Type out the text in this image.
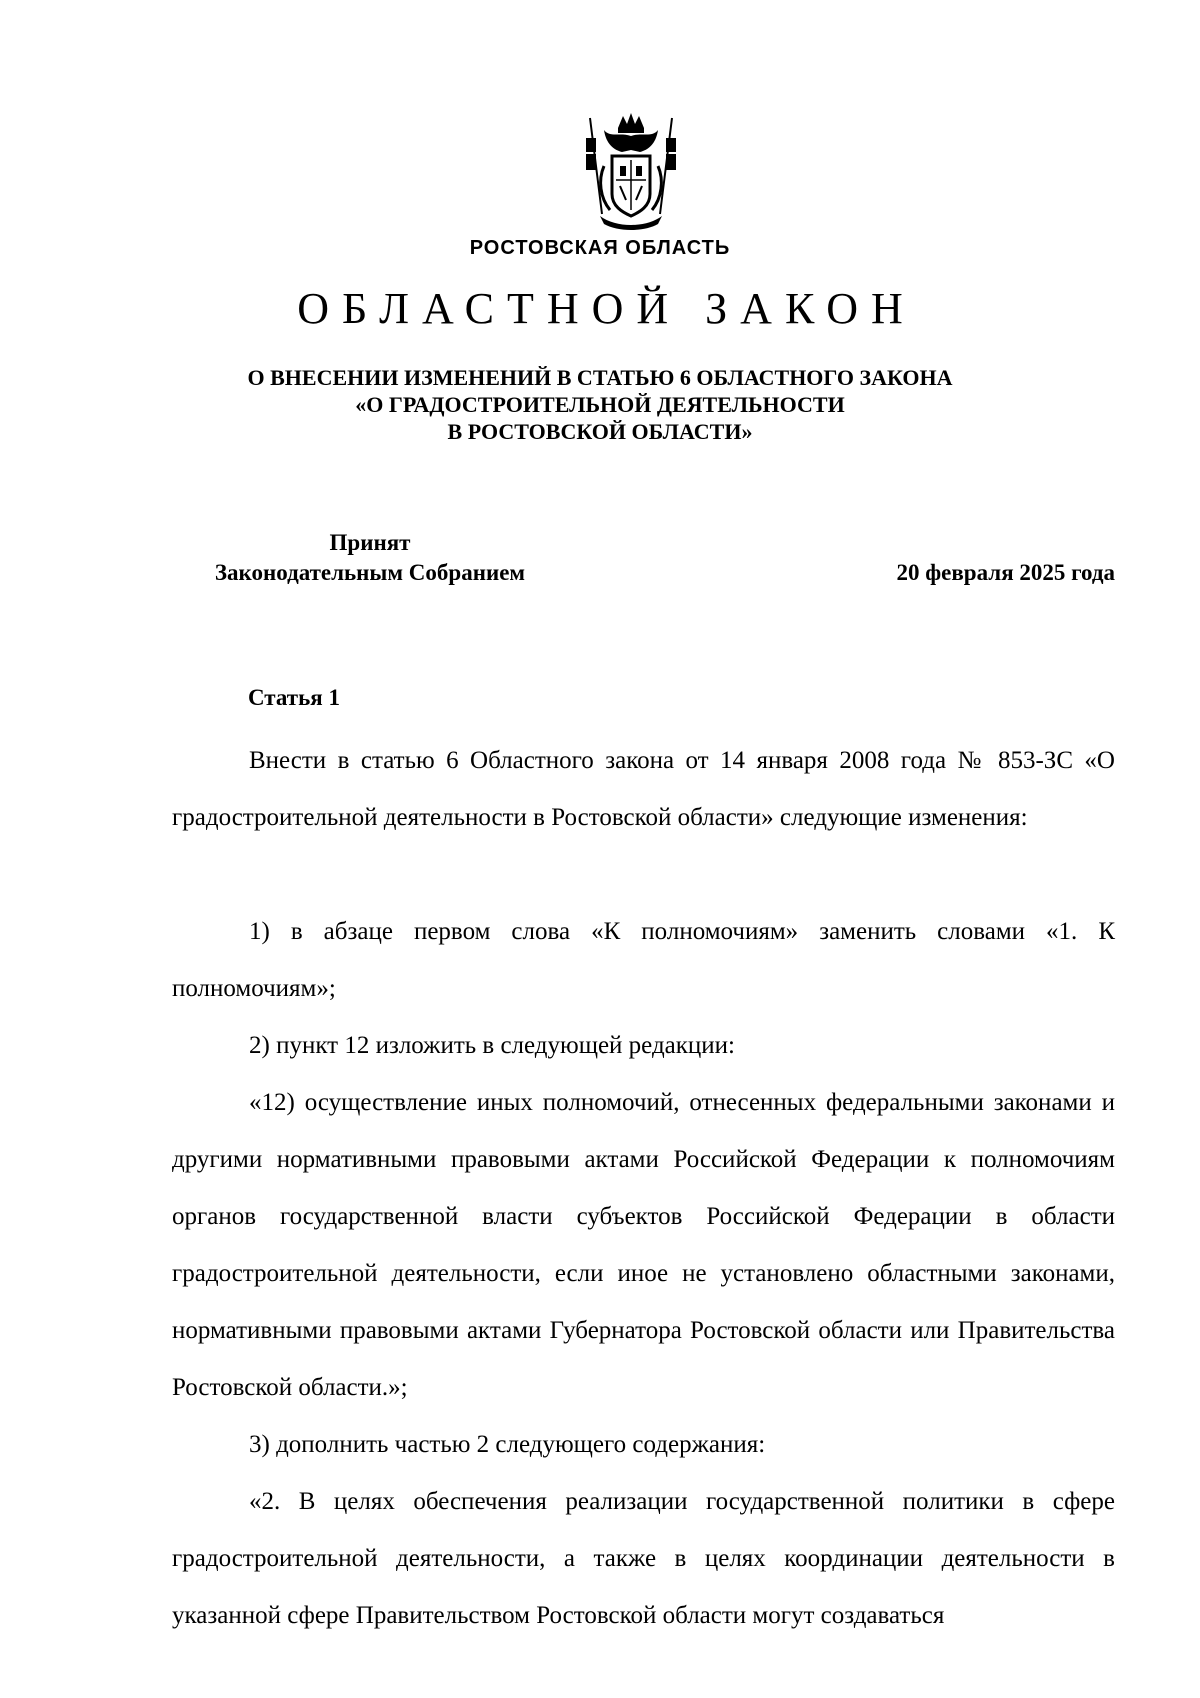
РОСТОВСКАЯ ОБЛАСТЬ
ОБЛАСТНОЙ ЗАКОН
О ВНЕСЕНИИ ИЗМЕНЕНИЙ В СТАТЬЮ 6 ОБЛАСТНОГО ЗАКОНА
«О ГРАДОСТРОИТЕЛЬНОЙ ДЕЯТЕЛЬНОСТИ
В РОСТОВСКОЙ ОБЛАСТИ»
Принят
Законодательным Собранием	20 февраля 2025 года
Статья 1

Внести в статью 6 Областного закона от 14 января 2008 года № 853-ЗС «О градостроительной деятельности в Ростовской области» следующие изменения:

1) в абзаце первом слова «К полномочиям» заменить словами «1. К полномочиям»;

2) пункт 12 изложить в следующей редакции:

«12) осуществление иных полномочий, отнесенных федеральными законами и другими нормативными правовыми актами Российской Федерации к полномочиям органов государственной власти субъектов Российской Федерации в области градостроительной деятельности, если иное не установлено областными законами, нормативными правовыми актами Губернатора Ростовской области или Правительства Ростовской области.»;

3) дополнить частью 2 следующего содержания:

«2. В целях обеспечения реализации государственной политики в сфере градостроительной деятельности, а также в целях координации деятельности в указанной сфере Правительством Ростовской области могут создаваться
